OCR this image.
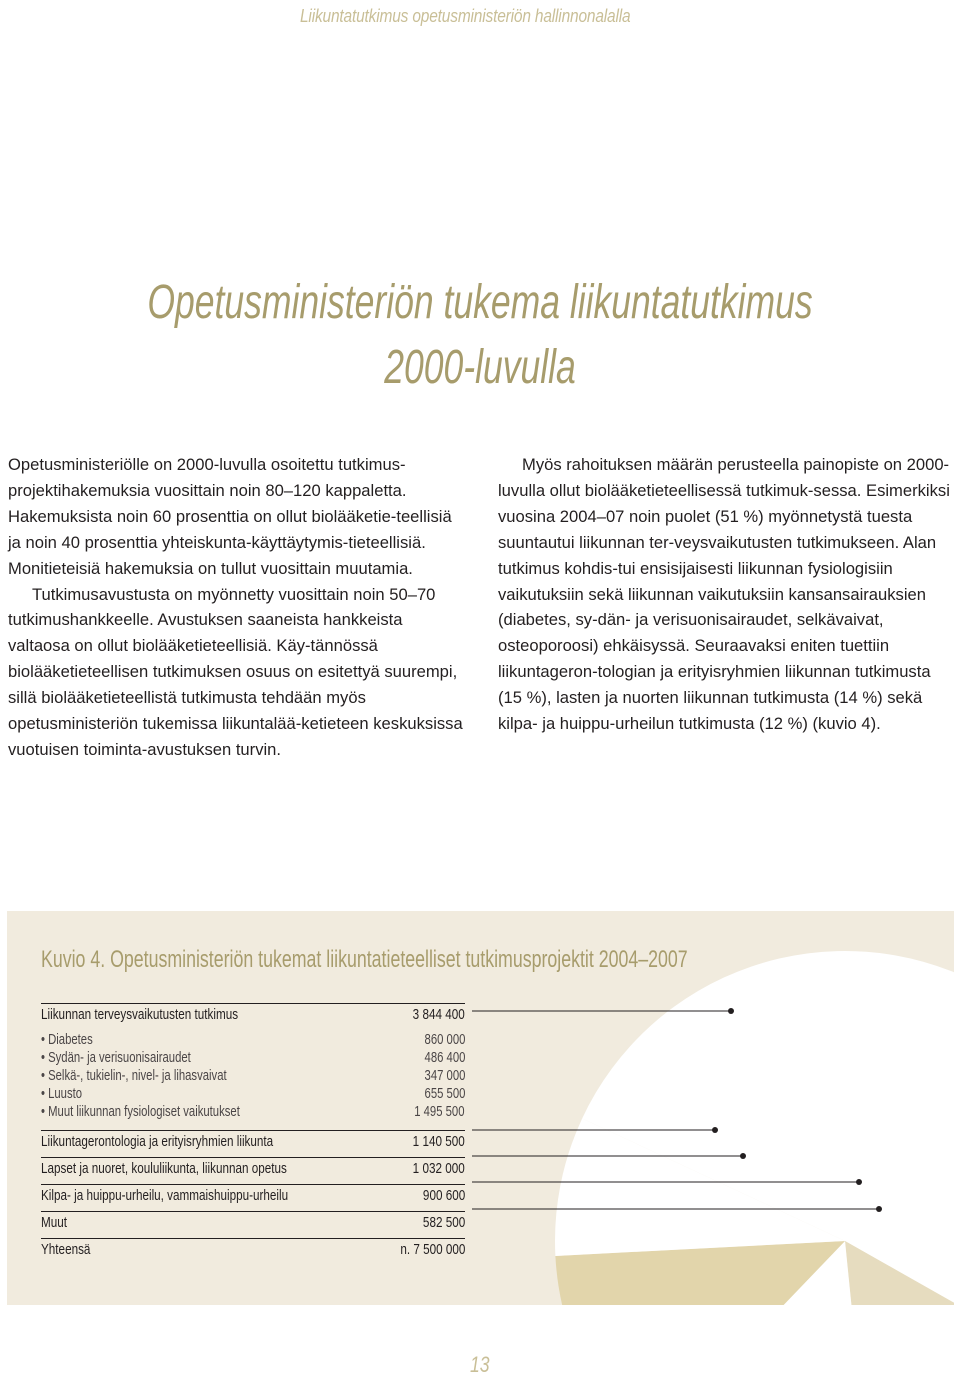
Liikuntatutkimus opetusministeriön hallinnonalalla
Opetusministeriön tukema liikuntatutkimus
2000-luvulla

Opetusministeriölle on 2000-luvulla osoitettu tutkimus-projektihakemuksia vuosittain noin 80–120 kappaletta. Hakemuksista noin 60 prosenttia on ollut biolääketie-teellisiä ja noin 40 prosenttia yhteiskunta-käyttäytymis-tieteellisiä. Monitieteisiä hakemuksia on tullut vuosittain muutamia.

Tutkimusavustusta on myönnetty vuosittain noin 50–70 tutkimushankkeelle. Avustuksen saaneista hankkeista valtaosa on ollut biolääketieteellisiä. Käy-tännössä biolääketieteellisen tutkimuksen osuus on esitettyä suurempi, sillä biolääketieteellistä tutkimusta tehdään myös opetusministeriön tukemissa liikuntalää-ketieteen keskuksissa vuotuisen toiminta-avustuksen turvin.

Myös rahoituksen määrän perusteella painopiste on 2000-luvulla ollut biolääketieteellisessä tutkimuk-sessa. Esimerkiksi vuosina 2004–07 noin puolet (51 %) myönnetystä tuesta suuntautui liikunnan ter-veysvaikutusten tutkimukseen. Alan tutkimus kohdis-tui ensisijaisesti liikunnan fysiologisiin vaikutuksiin sekä liikunnan vaikutuksiin kansansairauksien (diabetes, sy-dän- ja verisuonisairaudet, selkävaivat, osteoporoosi) ehkäisyssä. Seuraavaksi eniten tuettiin liikuntageron-tologian ja erityisryhmien liikunnan tutkimusta (15 %), lasten ja nuorten liikunnan tutkimusta (14 %) sekä kilpa- ja huippu-urheilun tutkimusta (12 %) (kuvio 4).

Kuvio 4. Opetusministeriön tukemat liikuntatieteelliset tutkimusprojektit 2004–2007
Liikunnan terveysvaikutusten tutkimus	3 844 400
• Diabetes	860 000
• Sydän- ja verisuonisairaudet	486 400
• Selkä-, tukielin-, nivel- ja lihasvaivat	347 000
• Luusto	655 500
• Muut liikunnan fysiologiset vaikutukset	1 495 500
Liikuntagerontologia ja erityisryhmien liikunta	1 140 500
Lapset ja nuoret, koululiikunta, liikunnan opetus	1 032 000
Kilpa- ja huippu-urheilu, vammaishuippu-urheilu	900 600
Muut	582 500
Yhteensä	n. 7 500 000
13
